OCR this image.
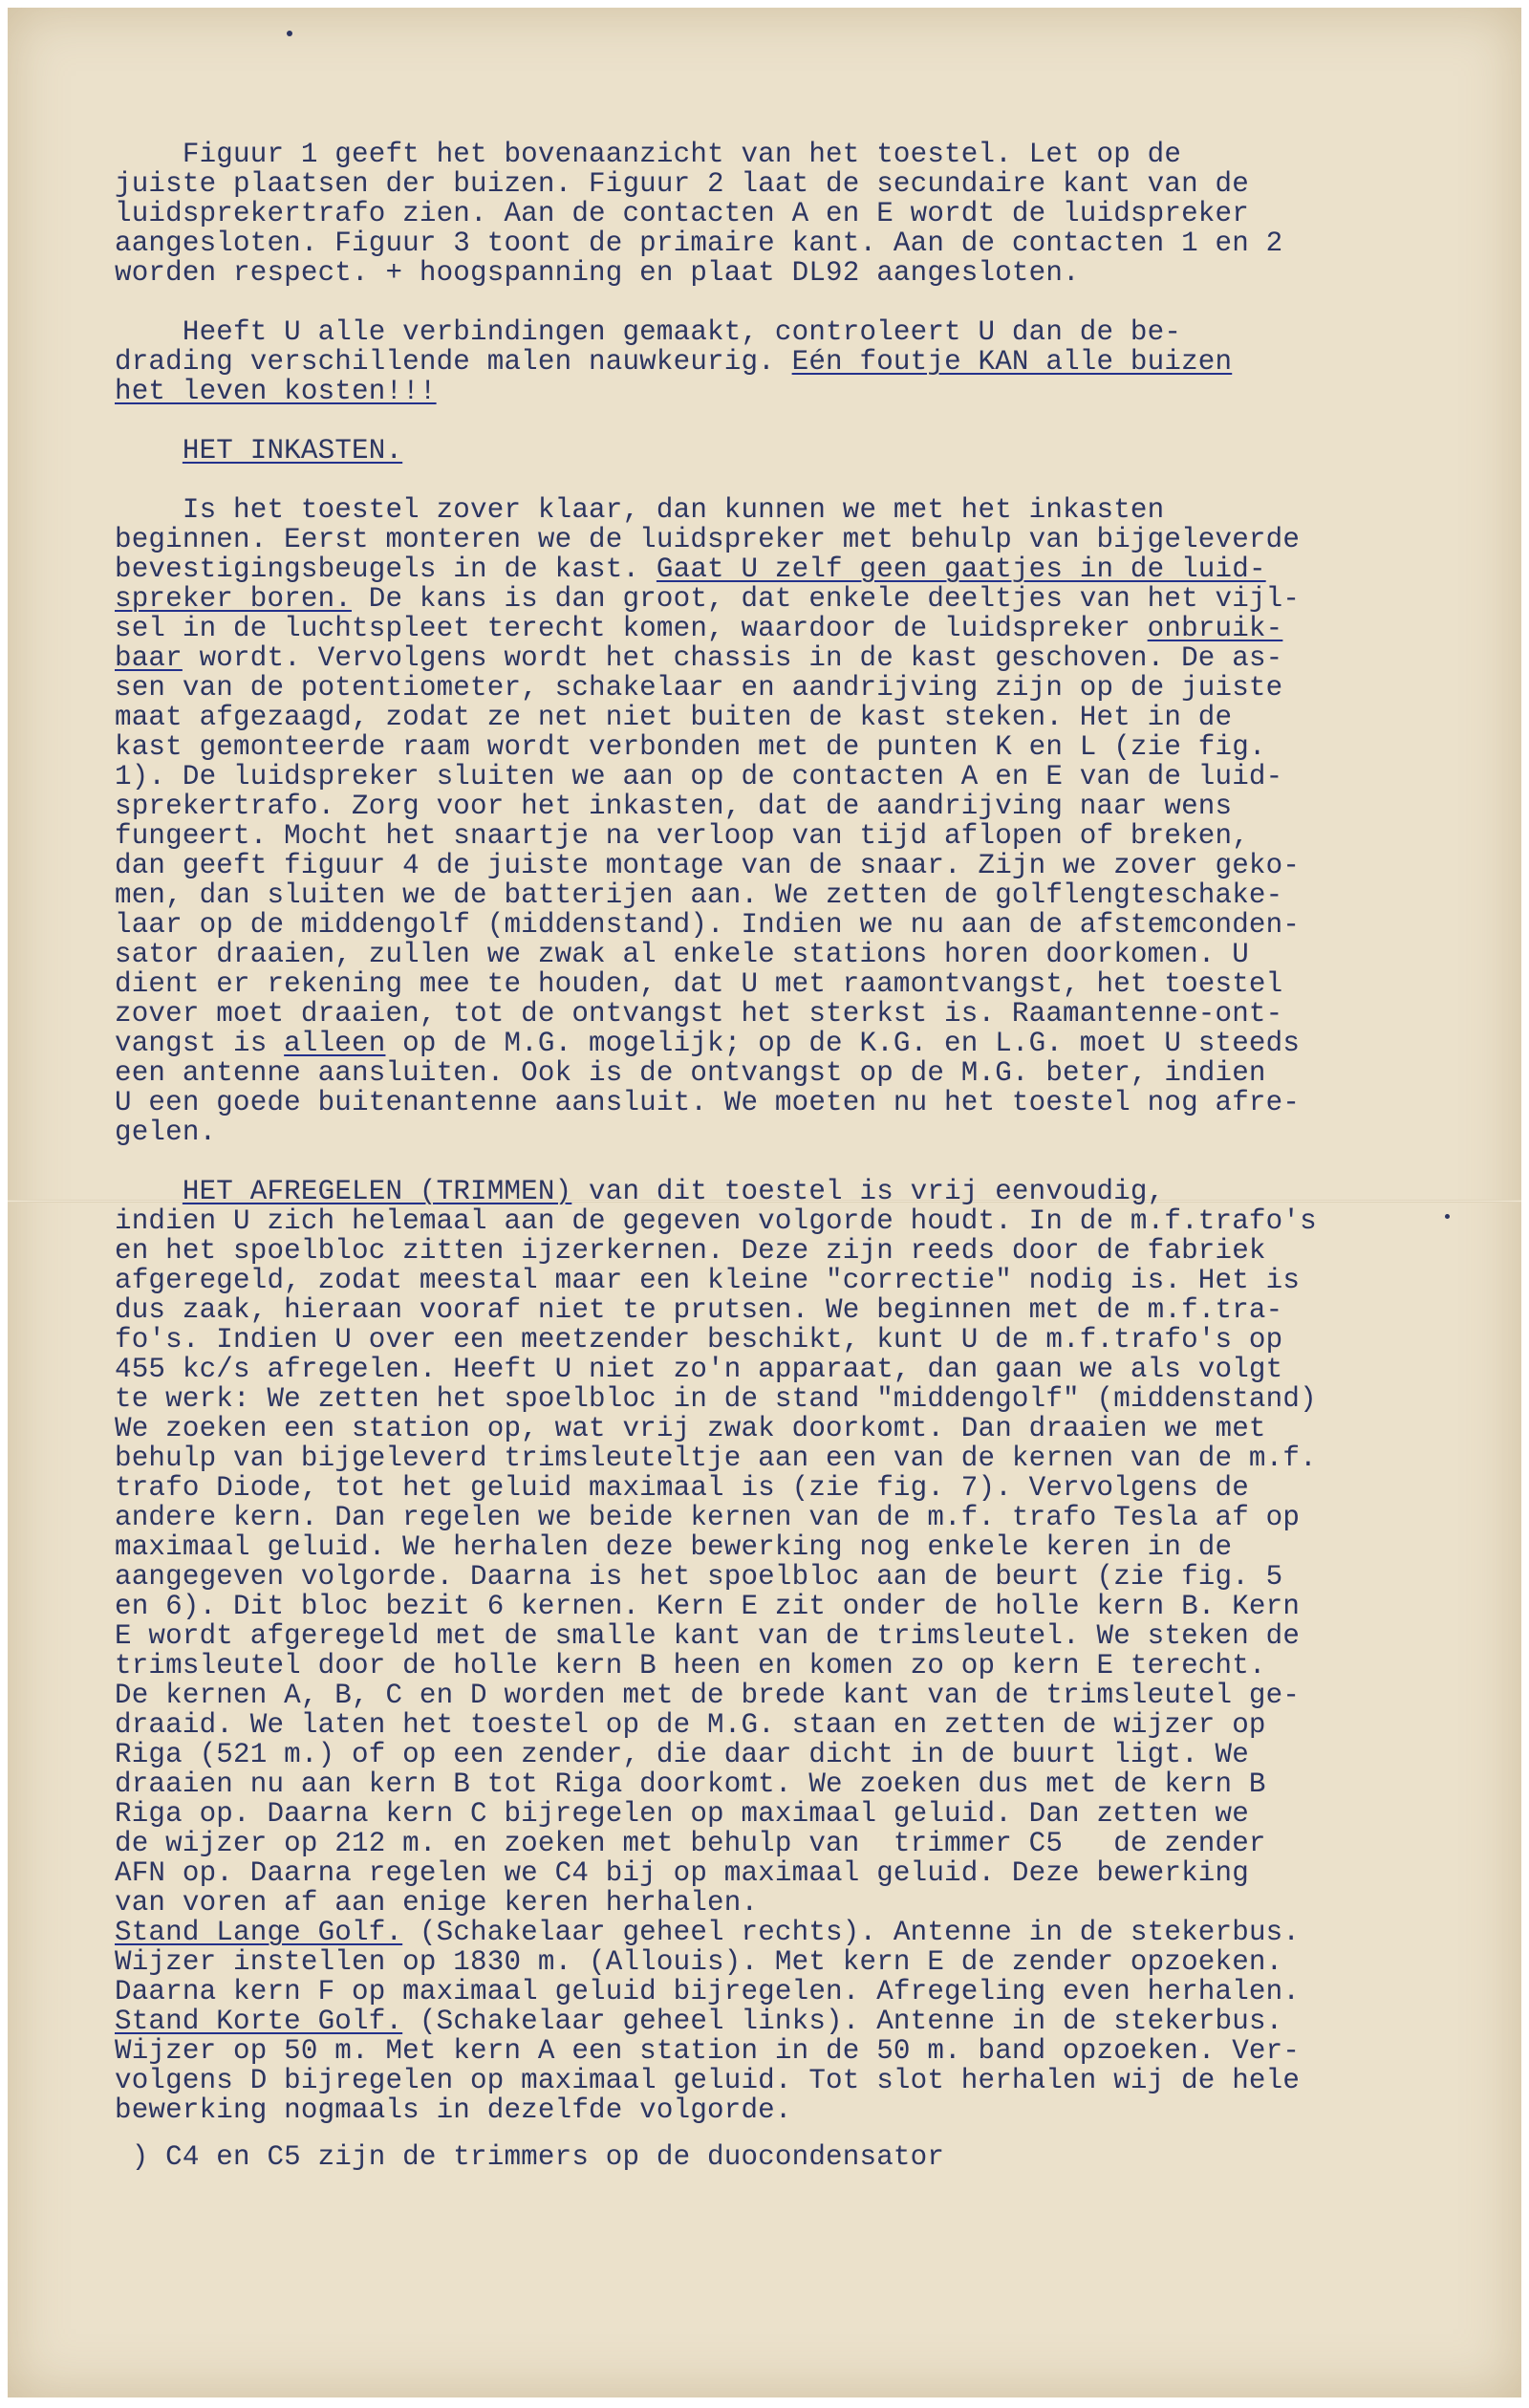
Figuur 1 geeft het bovenaanzicht van het toestel. Let op de
juiste plaatsen der buizen. Figuur 2 laat de secundaire kant van de
luidsprekertrafo zien. Aan de contacten A en E wordt de luidspreker
aangesloten. Figuur 3 toont de primaire kant. Aan de contacten 1 en 2
worden respect. + hoogspanning en plaat DL92 aangesloten.
Heeft U alle verbindingen gemaakt, controleert U dan de be-
drading verschillende malen nauwkeurig. Eén foutje KAN alle buizen
het leven kosten!!!
HET INKASTEN.
Is het toestel zover klaar, dan kunnen we met het inkasten
beginnen. Eerst monteren we de luidspreker met behulp van bijgeleverde
bevestigingsbeugels in de kast. Gaat U zelf geen gaatjes in de luid-
spreker boren. De kans is dan groot, dat enkele deeltjes van het vijl-
sel in de luchtspleet terecht komen, waardoor de luidspreker onbruik-
baar wordt. Vervolgens wordt het chassis in de kast geschoven. De as-
sen van de potentiometer, schakelaar en aandrijving zijn op de juiste
maat afgezaagd, zodat ze net niet buiten de kast steken. Het in de
kast gemonteerde raam wordt verbonden met de punten K en L (zie fig.
1). De luidspreker sluiten we aan op de contacten A en E van de luid-
sprekertrafo. Zorg voor het inkasten, dat de aandrijving naar wens
fungeert. Mocht het snaartje na verloop van tijd aflopen of breken,
dan geeft figuur 4 de juiste montage van de snaar. Zijn we zover geko-
men, dan sluiten we de batterijen aan. We zetten de golflengteschake-
laar op de middengolf (middenstand). Indien we nu aan de afstemconden-
sator draaien, zullen we zwak al enkele stations horen doorkomen. U
dient er rekening mee te houden, dat U met raamontvangst, het toestel
zover moet draaien, tot de ontvangst het sterkst is. Raamantenne-ont-
vangst is alleen op de M.G. mogelijk; op de K.G. en L.G. moet U steeds
een antenne aansluiten. Ook is de ontvangst op de M.G. beter, indien
U een goede buitenantenne aansluit. We moeten nu het toestel nog afre-
gelen.
HET AFREGELEN (TRIMMEN) van dit toestel is vrij eenvoudig,
indien U zich helemaal aan de gegeven volgorde houdt. In de m.f.trafo's
en het spoelbloc zitten ijzerkernen. Deze zijn reeds door de fabriek
afgeregeld, zodat meestal maar een kleine "correctie" nodig is. Het is
dus zaak, hieraan vooraf niet te prutsen. We beginnen met de m.f.tra-
fo's. Indien U over een meetzender beschikt, kunt U de m.f.trafo's op
455 kc/s afregelen. Heeft U niet zo'n apparaat, dan gaan we als volgt
te werk: We zetten het spoelbloc in de stand "middengolf" (middenstand)
We zoeken een station op, wat vrij zwak doorkomt. Dan draaien we met
behulp van bijgeleverd trimsleuteltje aan een van de kernen van de m.f.
trafo Diode, tot het geluid maximaal is (zie fig. 7). Vervolgens de
andere kern. Dan regelen we beide kernen van de m.f. trafo Tesla af op
maximaal geluid. We herhalen deze bewerking nog enkele keren in de
aangegeven volgorde. Daarna is het spoelbloc aan de beurt (zie fig. 5
en 6). Dit bloc bezit 6 kernen. Kern E zit onder de holle kern B. Kern
E wordt afgeregeld met de smalle kant van de trimsleutel. We steken de
trimsleutel door de holle kern B heen en komen zo op kern E terecht.
De kernen A, B, C en D worden met de brede kant van de trimsleutel ge-
draaid. We laten het toestel op de M.G. staan en zetten de wijzer op
Riga (521 m.) of op een zender, die daar dicht in de buurt ligt. We
draaien nu aan kern B tot Riga doorkomt. We zoeken dus met de kern B
Riga op. Daarna kern C bijregelen op maximaal geluid. Dan zetten we
de wijzer op 212 m. en zoeken met behulp van  trimmer C5   de zender
AFN op. Daarna regelen we C4 bij op maximaal geluid. Deze bewerking
van voren af aan enige keren herhalen.
Stand Lange Golf. (Schakelaar geheel rechts). Antenne in de stekerbus.
Wijzer instellen op 1830 m. (Allouis). Met kern E de zender opzoeken.
Daarna kern F op maximaal geluid bijregelen. Afregeling even herhalen.
Stand Korte Golf. (Schakelaar geheel links). Antenne in de stekerbus.
Wijzer op 50 m. Met kern A een station in de 50 m. band opzoeken. Ver-
volgens D bijregelen op maximaal geluid. Tot slot herhalen wij de hele
bewerking nogmaals in dezelfde volgorde.
) C4 en C5 zijn de trimmers op de duocondensator
